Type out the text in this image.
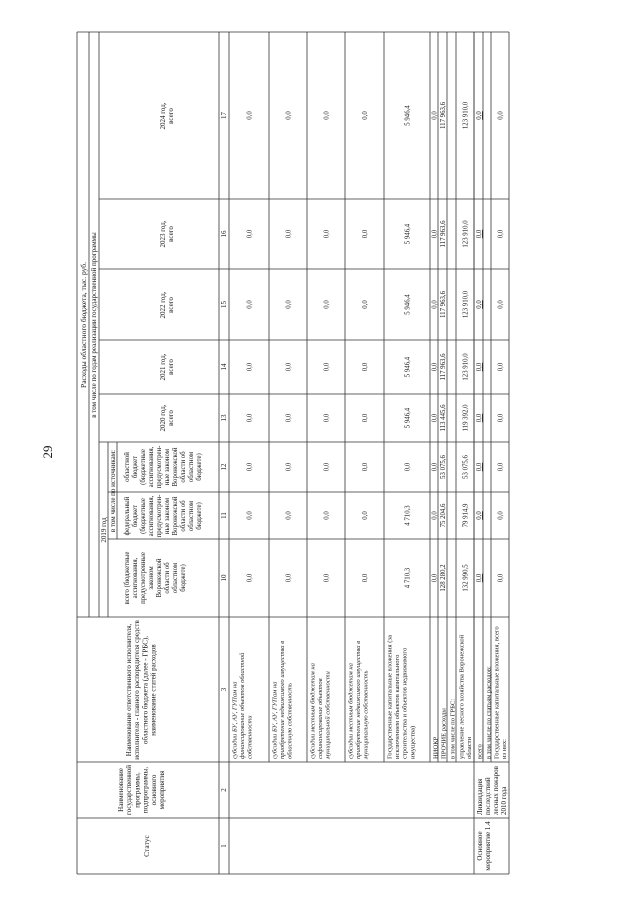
29
Статус
Наименование государственной программы, подпрограммы, основного мероприятия
Наименование ответственного исполнителя, исполнителя - главного распорядителя средств областного бюджета (далее - ГРБС), наименование статей расходов
Расходы областного бюджета, тыс. руб. в том числе по годам реализации государственной программы
2019 год в том числе по источникам:
всего (бюджетные ассигнования, предусмотренные законом Воронежской области об областном бюджете)
федеральный бюджет (бюджетные ассигнования, предусмотрен- ные законом Воронежской области об областном бюджете)
областной бюджет (бюджетные ассигнования, предусмотрен- ные законом Воронежской области об областном бюджете)
2020 год, всего
2021 год, всего
2022 год, всего
2023 год, всего
2024 год, всего
1
2
3
10
11
12
13
14
15
16
17
субсидии БУ, АУ, ГУПам на финансирование объектов областной собственности
0,0
0,0
0,0
0,0
0,0
0,0
0,0
0,0
субсидии БУ, АУ, ГУПам на приобретение недвижимого имущества в областную собственность
0,0
0,0
0,0
0,0
0,0
0,0
0,0
0,0
субсидии местным бюджетам на софинансирование объектов муниципальной собственности
0,0
0,0
0,0
0,0
0,0
0,0
0,0
0,0
субсидии местным бюджетам на приобретение недвижимого имущества в муниципальную собственность
0,0
0,0
0,0
0,0
0,0
0,0
0,0
0,0
Государственные капитальные вложения (за исключением объектов капитального строительства и объектов недвижимого имущества)
4 710,3
4 710,3
0,0
5 946,4
5 946,4
5 946,4
5 946,4
5 946,4
НИОКР
0,0
0,0
0,0
0,0
0,0
0,0
0,0
0,0
ПРОЧИЕ расходы
128 280,2
75 204,6
53 075,6
113 445,6
117 963,6
117 963,6
117 963,6
117 963,6
в том числе по ГРБС: управление лесного хозяйства Воронежской области
132 990,5
79 914,9
53 075,6
119 392,0
123 910,0
123 910,0
123 910,0
123 910,0
всего
0,0
0,0
0,0
0,0
0,0
0,0
0,0
0,0
в том числе по статьям расходов: Государственные капитальные вложения, всего из них:
0,0
0,0
0,0
0,0
0,0
0,0
0,0
0,0
Основное мероприятие 1.4
Ликвидация последствий лесных пожаров 2010 года
